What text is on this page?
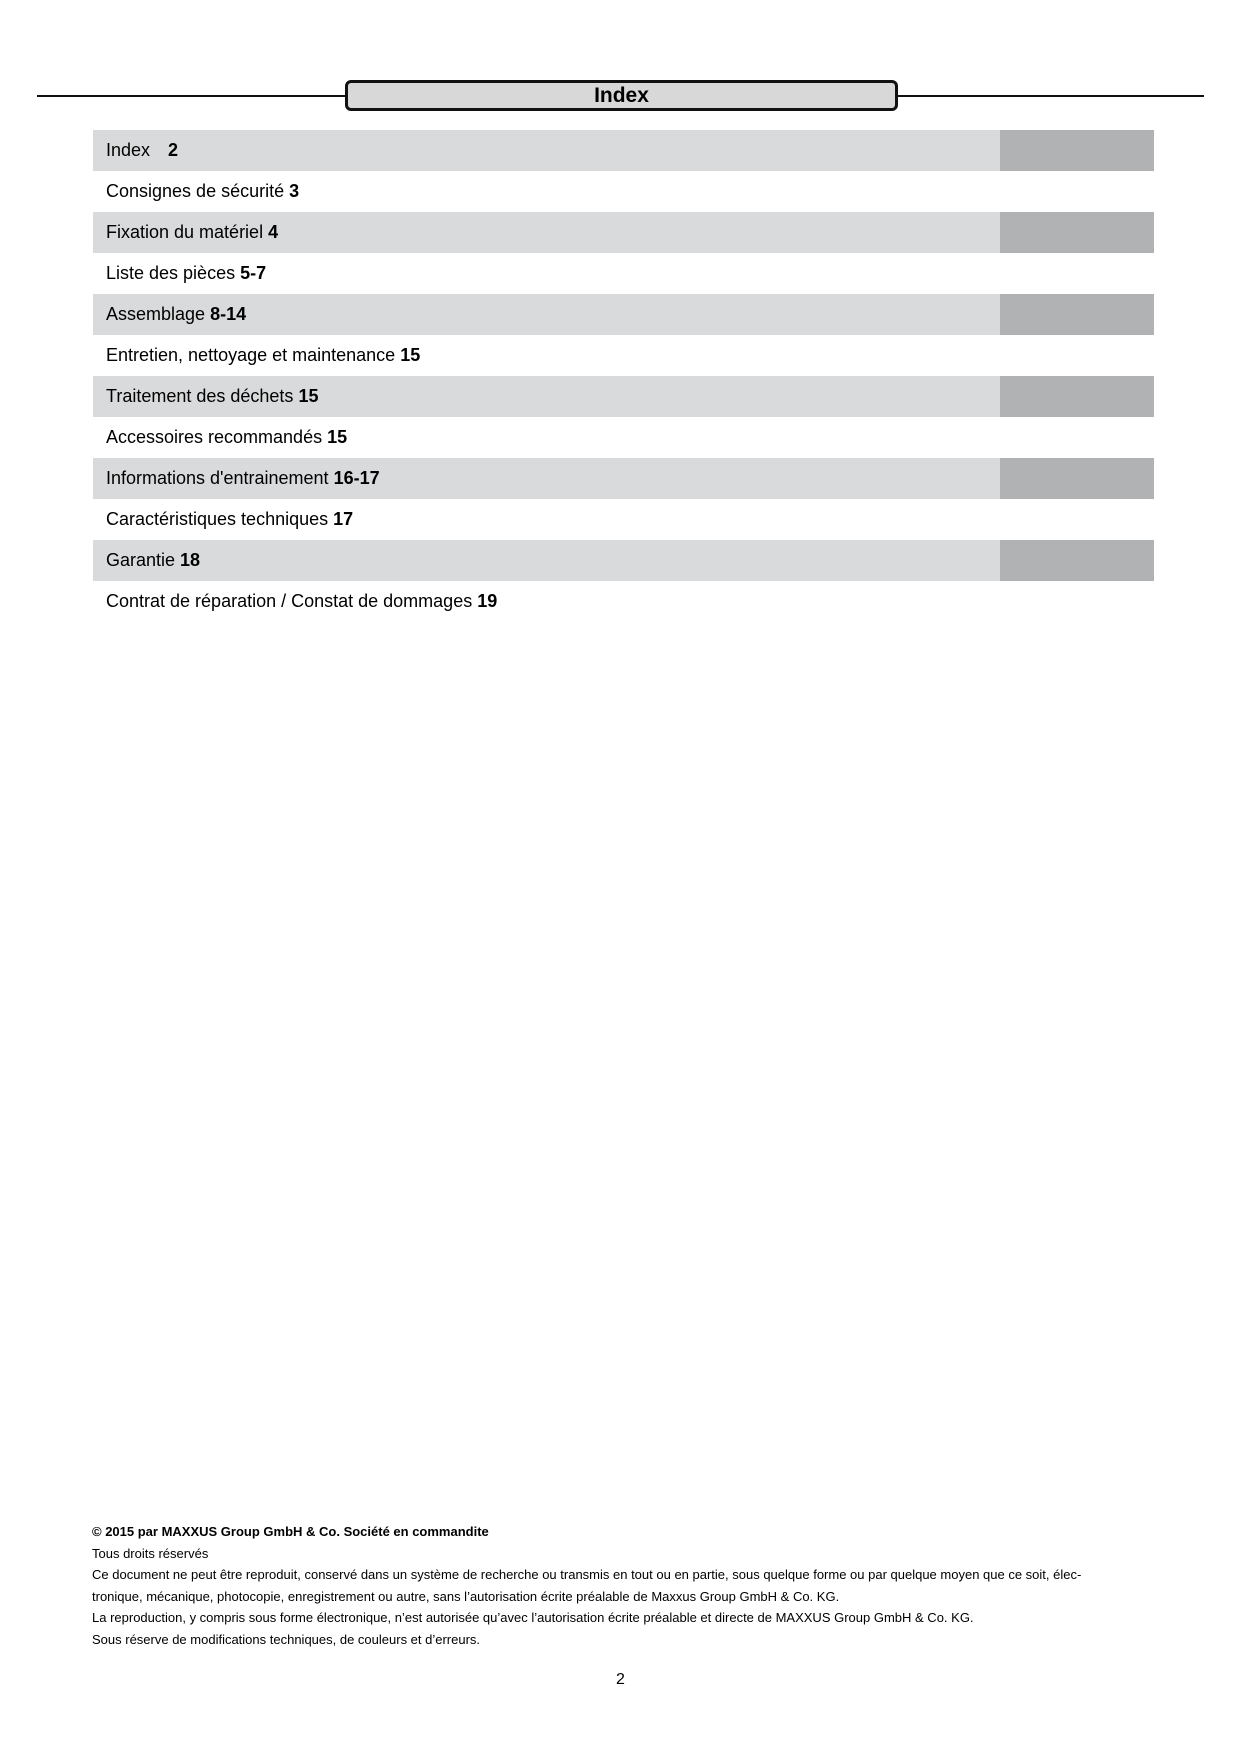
Index
Index 2
Consignes de sécurité 3
Fixation du matériel 4
Liste des pièces 5-7
Assemblage 8-14
Entretien, nettoyage et maintenance 15
Traitement des déchets 15
Accessoires recommandés 15
Informations d'entrainement 16-17
Caractéristiques techniques 17
Garantie 18
Contrat de réparation / Constat de dommages 19
© 2015 par MAXXUS Group GmbH & Co. Société en commandite
Tous droits réservés
Ce document ne peut être reproduit, conservé dans un système de recherche ou transmis en tout ou en partie, sous quelque forme ou par quelque moyen que ce soit, élec-
tronique, mécanique, photocopie, enregistrement ou autre, sans l’autorisation écrite préalable de Maxxus Group GmbH & Co. KG.
La reproduction, y compris sous forme électronique, n’est autorisée qu’avec l’autorisation écrite préalable et directe de MAXXUS Group GmbH & Co. KG.
Sous réserve de modifications techniques, de couleurs et d’erreurs.
2
